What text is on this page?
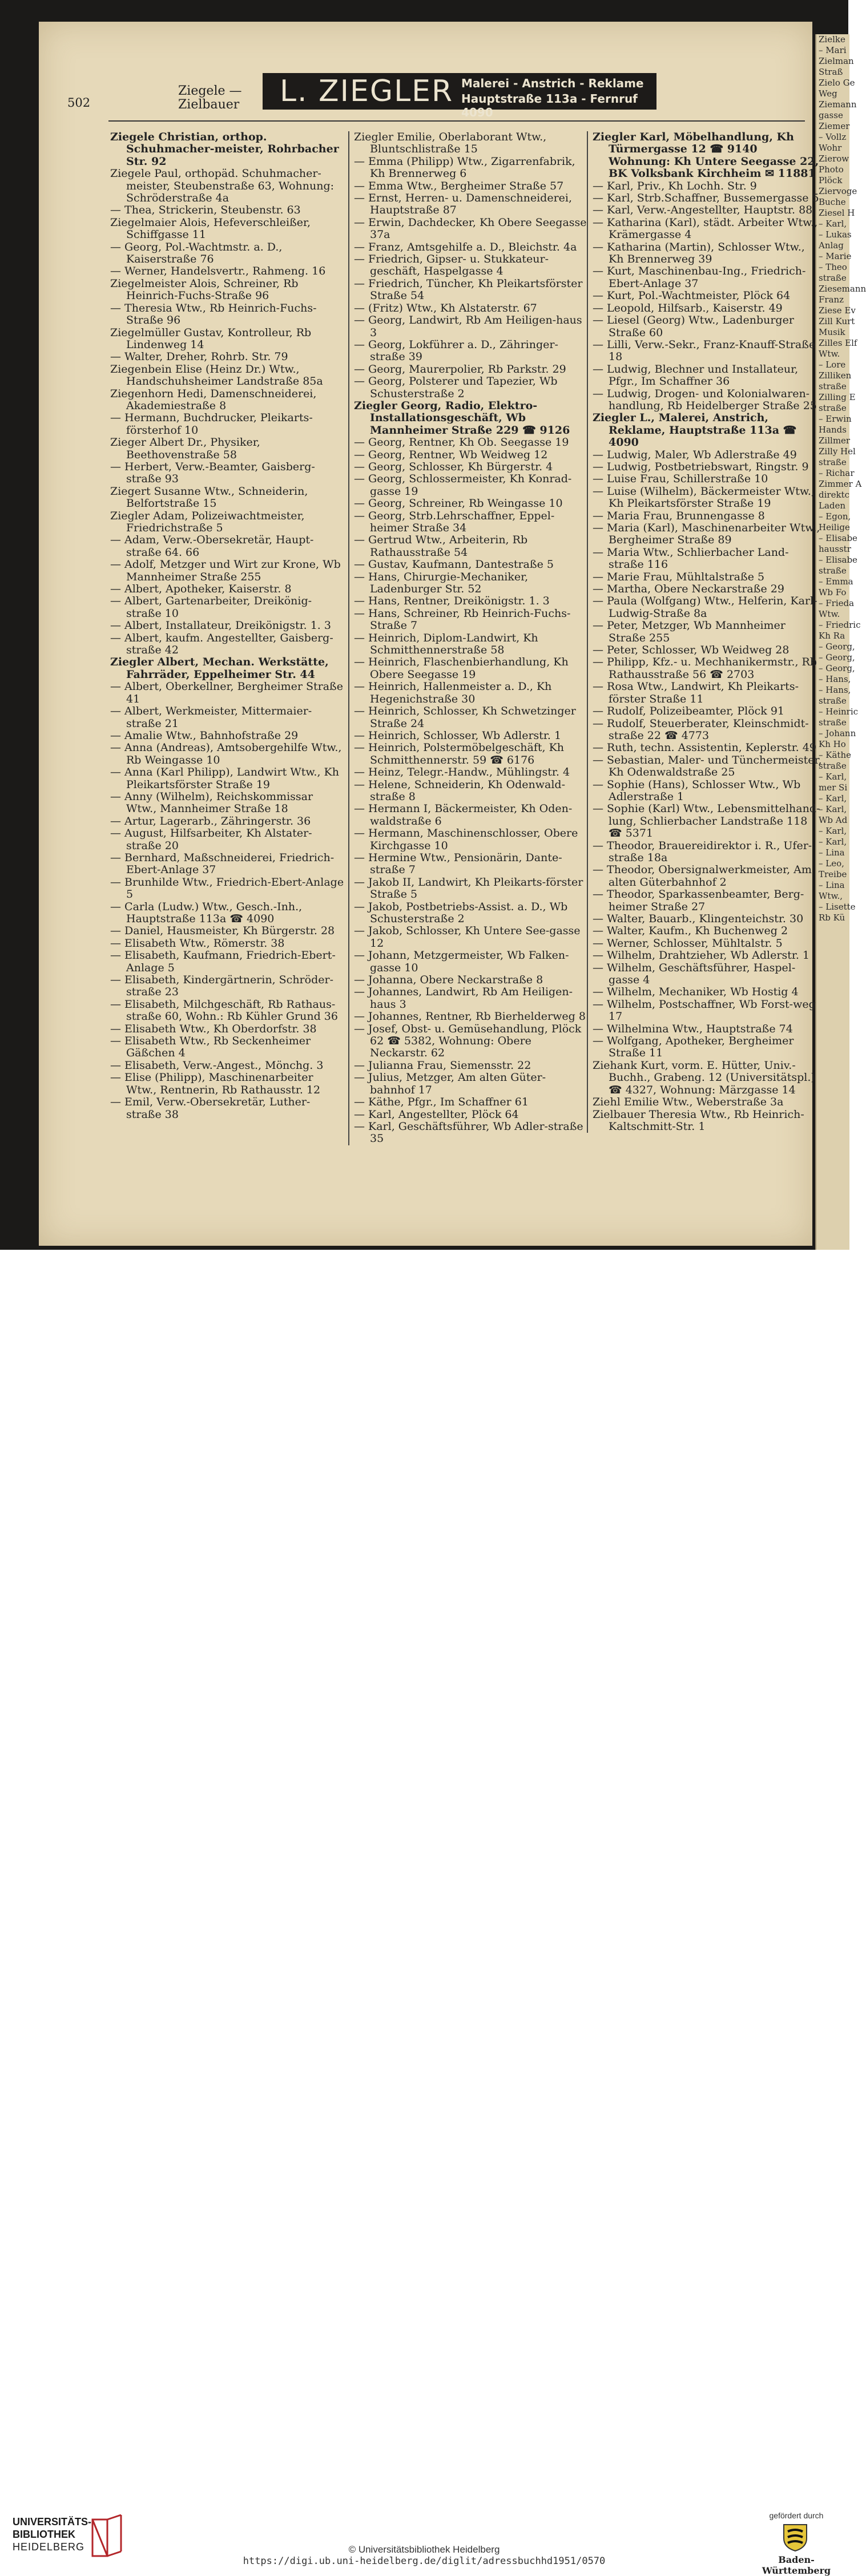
Zielke
– Mari
Zielman
Straß
Zielo Ge
Weg
Ziemann
gasse
Ziemer
– Vollz
Wohr
Zierow
Photo
Plöck
Ziervoge
Buche
Ziesel H
– Karl,
– Lukas
Anlag
– Marie
– Theo
straße
Ziesemann
Franz
Ziese Ev
Zill Kurt
Musik
Zilles Elf
Wtw.
– Lore
Zilliken
straße
Zilling E
straße
– Erwin
Hands
Zillmer
Zilly Hel
straße
– Richar
Zimmer A
direktc
Laden
– Egon,
Heilige
– Elisabe
hausstr
– Elisabe
straße
– Emma
Wb Fo
– Frieda
Wtw.
– Friedric
Kh Ra
– Georg,
– Georg,
– Georg,
– Hans,
– Hans,
straße
– Heinric
straße
– Johann
Kh Ho
– Käthe
straße
– Karl,
mer Si
– Karl,
– Karl,
Wb Ad
– Karl,
– Karl,
– Lina
– Leo,
Treibe
– Lina
Wtw.,
– Lisette
Rb Kü
502
Ziegele —
Zielbauer L. ZIEGLER Malerei - Anstrich - Reklame
Hauptstraße 113a - Fernruf 4090

Ziegele Christian, orthop. Schuhmacher-meister, Rohrbacher Str. 92

Ziegele Paul, orthopäd. Schuhmacher-meister, Steubenstraße 63, Wohnung: Schröderstraße 4a

— Thea, Strickerin, Steubenstr. 63

Ziegelmaier Alois, Hefeverschleißer, Schiffgasse 11

— Georg, Pol.-Wachtmstr. a. D., Kaiserstraße 76

— Werner, Handelsvertr., Rahmeng. 16

Ziegelmeister Alois, Schreiner, Rb Heinrich-Fuchs-Straße 96

— Theresia Wtw., Rb Heinrich-Fuchs-Straße 96

Ziegelmüller Gustav, Kontrolleur, Rb Lindenweg 14

— Walter, Dreher, Rohrb. Str. 79

Ziegenbein Elise (Heinz Dr.) Wtw., Handschuhsheimer Landstraße 85a

Ziegenhorn Hedi, Damenschneiderei, Akademiestraße 8

— Hermann, Buchdrucker, Pleikarts-försterhof 10

Zieger Albert Dr., Physiker, Beethovenstraße 58

— Herbert, Verw.-Beamter, Gaisberg-straße 93

Ziegert Susanne Wtw., Schneiderin, Belfortstraße 15

Ziegler Adam, Polizeiwachtmeister, Friedrichstraße 5

— Adam, Verw.-Obersekretär, Haupt-straße 64. 66

— Adolf, Metzger und Wirt zur Krone, Wb Mannheimer Straße 255

— Albert, Apotheker, Kaiserstr. 8

— Albert, Gartenarbeiter, Dreikönig-straße 10

— Albert, Installateur, Dreikönigstr. 1. 3

— Albert, kaufm. Angestellter, Gaisberg-straße 42

Ziegler Albert, Mechan. Werkstätte, Fahrräder, Eppelheimer Str. 44

— Albert, Oberkellner, Bergheimer Straße 41

— Albert, Werkmeister, Mittermaier-straße 21

— Amalie Wtw., Bahnhofstraße 29

— Anna (Andreas), Amtsobergehilfe Wtw., Rb Weingasse 10

— Anna (Karl Philipp), Landwirt Wtw., Kh Pleikartsförster Straße 19

— Anny (Wilhelm), Reichskommissar Wtw., Mannheimer Straße 18

— Artur, Lagerarb., Zähringerstr. 36

— August, Hilfsarbeiter, Kh Alstater-straße 20

— Bernhard, Maßschneiderei, Friedrich-Ebert-Anlage 37

— Brunhilde Wtw., Friedrich-Ebert-Anlage 5

— Carla (Ludw.) Wtw., Gesch.-Inh., Hauptstraße 113a ☎ 4090

— Daniel, Hausmeister, Kh Bürgerstr. 28

— Elisabeth Wtw., Römerstr. 38

— Elisabeth, Kaufmann, Friedrich-Ebert-Anlage 5

— Elisabeth, Kindergärtnerin, Schröder-straße 23

— Elisabeth, Milchgeschäft, Rb Rathaus-straße 60, Wohn.: Rb Kühler Grund 36

— Elisabeth Wtw., Kh Oberdorfstr. 38

— Elisabeth Wtw., Rb Seckenheimer Gäßchen 4

— Elisabeth, Verw.-Angest., Mönchg. 3

— Elise (Philipp), Maschinenarbeiter Wtw., Rentnerin, Rb Rathausstr. 12

— Emil, Verw.-Obersekretär, Luther-straße 38

Ziegler Emilie, Oberlaborant Wtw., Bluntschlistraße 15

— Emma (Philipp) Wtw., Zigarrenfabrik, Kh Brennerweg 6

— Emma Wtw., Bergheimer Straße 57

— Ernst, Herren- u. Damenschneiderei, Hauptstraße 87

— Erwin, Dachdecker, Kh Obere Seegasse 37a

— Franz, Amtsgehilfe a. D., Bleichstr. 4a

— Friedrich, Gipser- u. Stukkateur-geschäft, Haspelgasse 4

— Friedrich, Tüncher, Kh Pleikartsförster Straße 54

— (Fritz) Wtw., Kh Alstaterstr. 67

— Georg, Landwirt, Rb Am Heiligen-haus 3

— Georg, Lokführer a. D., Zähringer-straße 39

— Georg, Maurerpolier, Rb Parkstr. 29

— Georg, Polsterer und Tapezier, Wb Schusterstraße 2

Ziegler Georg, Radio, Elektro-Installationsgeschäft, Wb Mannheimer Straße 229 ☎ 9126

— Georg, Rentner, Kh Ob. Seegasse 19

— Georg, Rentner, Wb Weidweg 12

— Georg, Schlosser, Kh Bürgerstr. 4

— Georg, Schlossermeister, Kh Konrad-gasse 19

— Georg, Schreiner, Rb Weingasse 10

— Georg, Strb.Lehrschaffner, Eppel-heimer Straße 34

— Gertrud Wtw., Arbeiterin, Rb Rathausstraße 54

— Gustav, Kaufmann, Dantestraße 5

— Hans, Chirurgie-Mechaniker, Ladenburger Str. 52

— Hans, Rentner, Dreikönigstr. 1. 3

— Hans, Schreiner, Rb Heinrich-Fuchs-Straße 7

— Heinrich, Diplom-Landwirt, Kh Schmitthennerstraße 58

— Heinrich, Flaschenbierhandlung, Kh Obere Seegasse 19

— Heinrich, Hallenmeister a. D., Kh Hegenichstraße 30

— Heinrich, Schlosser, Kh Schwetzinger Straße 24

— Heinrich, Schlosser, Wb Adlerstr. 1

— Heinrich, Polstermöbelgeschäft, Kh Schmitthennerstr. 59 ☎ 6176

— Heinz, Telegr.-Handw., Mühlingstr. 4

— Helene, Schneiderin, Kh Odenwald-straße 8

— Hermann I, Bäckermeister, Kh Oden-waldstraße 6

— Hermann, Maschinenschlosser, Obere Kirchgasse 10

— Hermine Wtw., Pensionärin, Dante-straße 7

— Jakob II, Landwirt, Kh Pleikarts-förster Straße 5

— Jakob, Postbetriebs-Assist. a. D., Wb Schusterstraße 2

— Jakob, Schlosser, Kh Untere See-gasse 12

— Johann, Metzgermeister, Wb Falken-gasse 10

— Johanna, Obere Neckarstraße 8

— Johannes, Landwirt, Rb Am Heiligen-haus 3

— Johannes, Rentner, Rb Bierhelderweg 8

— Josef, Obst- u. Gemüsehandlung, Plöck 62 ☎ 5382, Wohnung: Obere Neckarstr. 62

— Julianna Frau, Siemensstr. 22

— Julius, Metzger, Am alten Güter-bahnhof 17

— Käthe, Pfgr., Im Schaffner 61

— Karl, Angestellter, Plöck 64

— Karl, Geschäftsführer, Wb Adler-straße 35

Ziegler Karl, Möbelhandlung, Kh Türmergasse 12 ☎ 9140 Wohnung: Kh Untere Seegasse 22, BK Volksbank Kirchheim ✉ 11881

— Karl, Priv., Kh Lochh. Str. 9

— Karl, Strb.Schaffner, Bussemergasse 5

— Karl, Verw.-Angestellter, Hauptstr. 88

— Katharina (Karl), städt. Arbeiter Wtw., Krämergasse 4

— Katharina (Martin), Schlosser Wtw., Kh Brennerweg 39

— Kurt, Maschinenbau-Ing., Friedrich-Ebert-Anlage 37

— Kurt, Pol.-Wachtmeister, Plöck 64

— Leopold, Hilfsarb., Kaiserstr. 49

— Liesel (Georg) Wtw., Ladenburger Straße 60

— Lilli, Verw.-Sekr., Franz-Knauff-Straße 18

— Ludwig, Blechner und Installateur, Pfgr., Im Schaffner 36

— Ludwig, Drogen- und Kolonialwaren-handlung, Rb Heidelberger Straße 25

Ziegler L., Malerei, Anstrich, Reklame, Hauptstraße 113a ☎ 4090

— Ludwig, Maler, Wb Adlerstraße 49

— Ludwig, Postbetriebswart, Ringstr. 9

— Luise Frau, Schillerstraße 10

— Luise (Wilhelm), Bäckermeister Wtw., Kh Pleikartsförster Straße 19

— Maria Frau, Brunnengasse 8

— Maria (Karl), Maschinenarbeiter Wtw., Bergheimer Straße 89

— Maria Wtw., Schlierbacher Land-straße 116

— Marie Frau, Mühltalstraße 5

— Martha, Obere Neckarstraße 29

— Paula (Wolfgang) Wtw., Helferin, Karl-Ludwig-Straße 8a

— Peter, Metzger, Wb Mannheimer Straße 255

— Peter, Schlosser, Wb Weidweg 28

— Philipp, Kfz.- u. Mechhanikermstr., Rb Rathausstraße 56 ☎ 2703

— Rosa Wtw., Landwirt, Kh Pleikarts-förster Straße 11

— Rudolf, Polizeibeamter, Plöck 91

— Rudolf, Steuerberater, Kleinschmidt-straße 22 ☎ 4773

— Ruth, techn. Assistentin, Keplerstr. 49

— Sebastian, Maler- und Tünchermeister, Kh Odenwaldstraße 25

— Sophie (Hans), Schlosser Wtw., Wb Adlerstraße 1

— Sophie (Karl) Wtw., Lebensmittelhand-lung, Schlierbacher Landstraße 118 ☎ 5371

— Theodor, Brauereidirektor i. R., Ufer-straße 18a

— Theodor, Obersignalwerkmeister, Am alten Güterbahnhof 2

— Theodor, Sparkassenbeamter, Berg-heimer Straße 27

— Walter, Bauarb., Klingenteichstr. 30

— Walter, Kaufm., Kh Buchenweg 2

— Werner, Schlosser, Mühltalstr. 5

— Wilhelm, Drahtzieher, Wb Adlerstr. 1

— Wilhelm, Geschäftsführer, Haspel-gasse 4

— Wilhelm, Mechaniker, Wb Hostig 4

— Wilhelm, Postschaffner, Wb Forst-weg 17

— Wilhelmina Wtw., Hauptstraße 74

— Wolfgang, Apotheker, Bergheimer Straße 11

Ziehank Kurt, vorm. E. Hütter, Univ.-Buchh., Grabeng. 12 (Universitätspl.) ☎ 4327, Wohnung: Märzgasse 14

Ziehl Emilie Wtw., Weberstraße 3a

Zielbauer Theresia Wtw., Rb Heinrich-Kaltschmitt-Str. 1

UNIVERSITÄTS-
BIBLIOTHEK
HEIDELBERG	© Universitätsbibliothek Heidelberg
https://digi.ub.uni-heidelberg.de/diglit/adressbuchhd1951/0570
gefördert durch
Baden-Württemberg
